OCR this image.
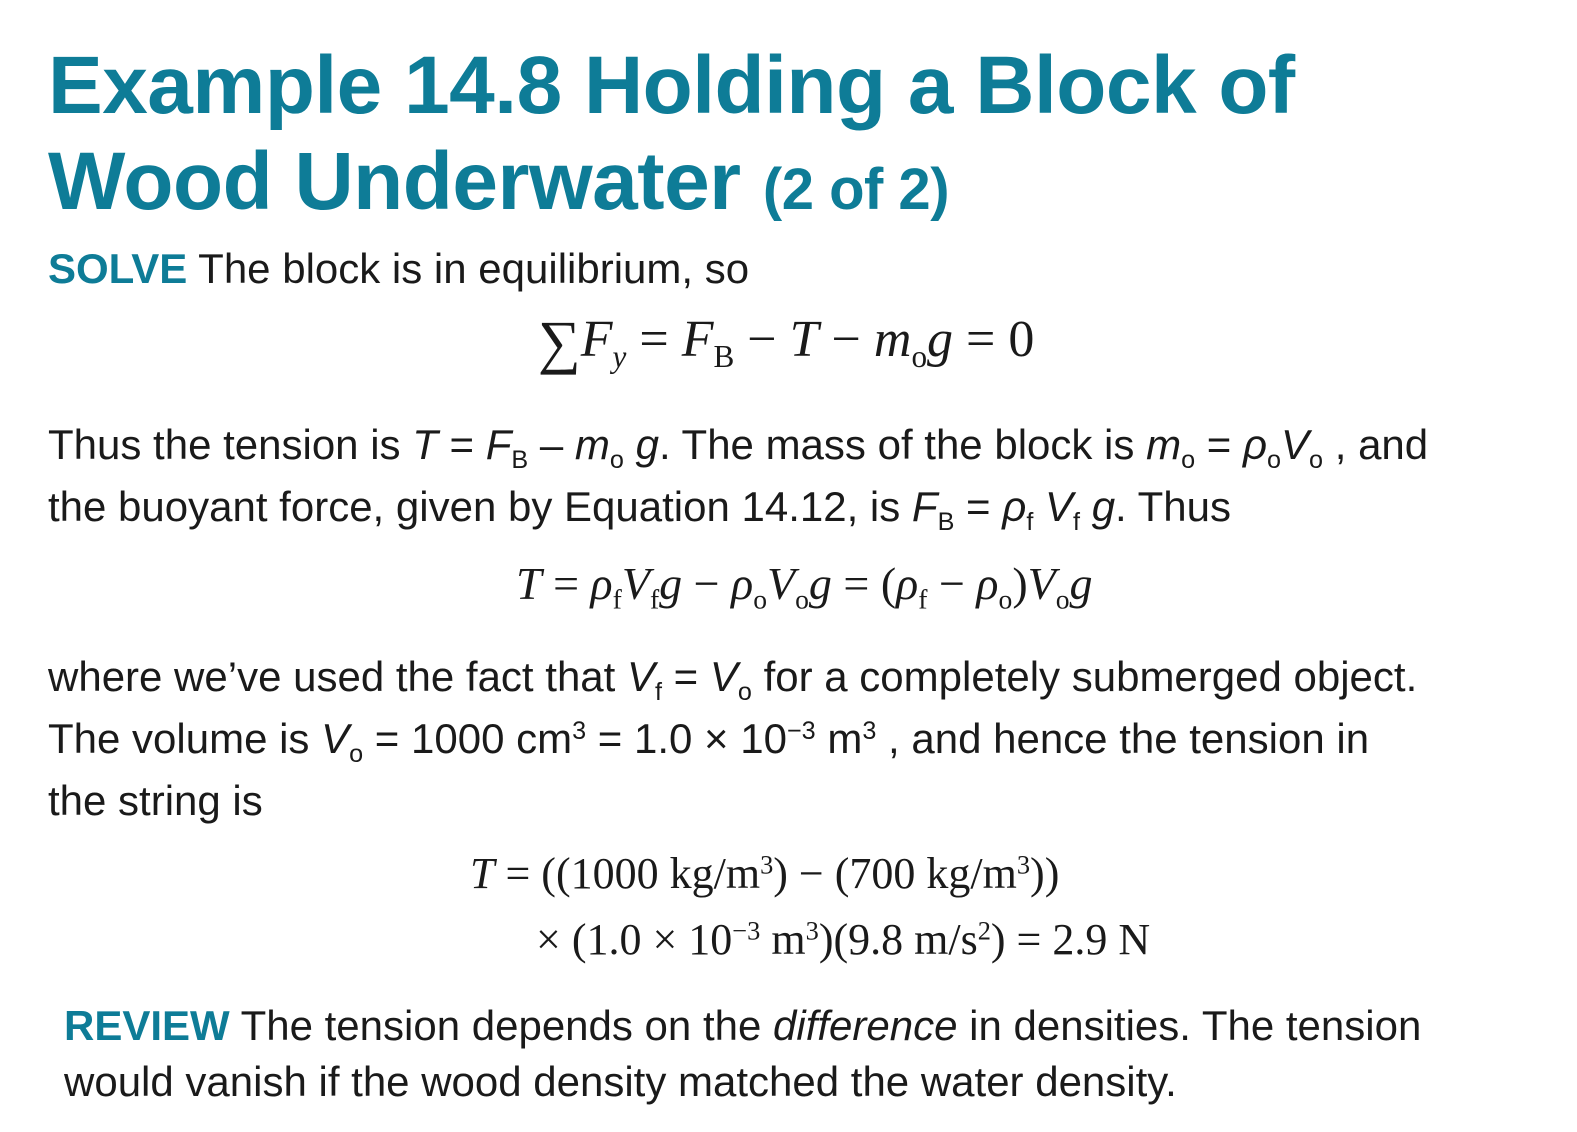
Example 14.8 Holding a Block of
Wood Underwater (2 of 2)

SOLVE The block is in equilibrium, so

$\sum F_y = F_B - T - m_og = 0$

Thus the tension is $T = F_B - m_o$ g. The mass of the block is $m_o = \rho_oV_o$ , and
the buoyant force, given by Equation 14.12, is $F_B = \rho_f$ $V_f$ g. Thus

$T = \rho_fV_fg - \rho_oV_og = (\rho_f - \rho_o)V_og$

where we’ve used the fact that $V_f = V_o$ for a completely submerged object.
The volume is $V_o = 1000$ $cm^3 = 1.0 \times 10^{-3}$ $m^3$ , and hence the tension in
the string is

T = ((1000 $kg/m^3) - (700$ $kg/m^3$))
× ($1.0 \times 10^{-3}$ $m^3)(9.8$ $m/s^2) = 2.9$ N

REVIEW The tension depends on the difference in densities. The tension
would vanish if the wood density matched the water density.
